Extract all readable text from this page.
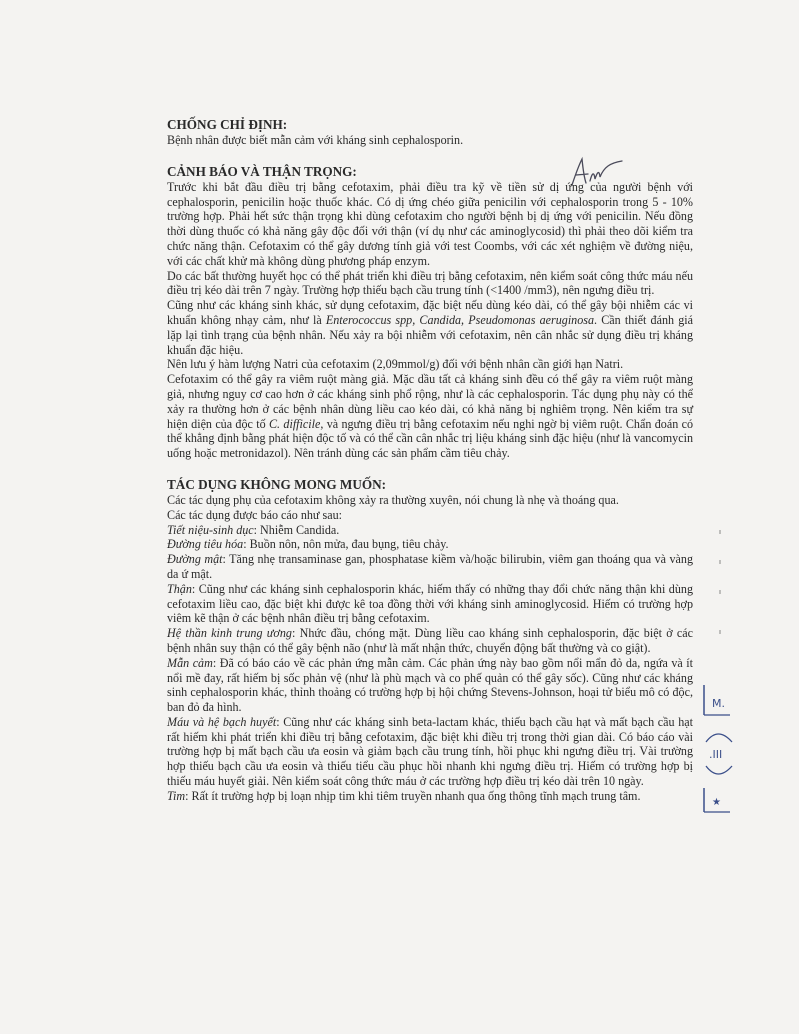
CHỐNG CHỈ ĐỊNH:

Bệnh nhân được biết mẫn cảm với kháng sinh cephalosporin.

CẢNH BÁO VÀ THẬN TRỌNG:

Trước khi bắt đầu điều trị bằng cefotaxim, phải điều tra kỹ về tiền sử dị ứng của người bệnh với cephalosporin, penicilin hoặc thuốc khác. Có dị ứng chéo giữa penicilin với cephalosporin trong 5 - 10% trường hợp. Phải hết sức thận trọng khi dùng cefotaxim cho người bệnh bị dị ứng với penicilin. Nếu đồng thời dùng thuốc có khả năng gây độc đối với thận (ví dụ như các aminoglycosid) thì phải theo dõi kiểm tra chức năng thận. Cefotaxim có thể gây dương tính giả với test Coombs, với các xét nghiệm về đường niệu, với các chất khử mà không dùng phương pháp enzym.

Do các bất thường huyết học có thể phát triển khi điều trị bằng cefotaxim, nên kiểm soát công thức máu nếu điều trị kéo dài trên 7 ngày. Trường hợp thiếu bạch cầu trung tính (<1400 /mm3), nên ngưng điều trị.

Cũng như các kháng sinh khác, sử dụng cefotaxim, đặc biệt nếu dùng kéo dài, có thể gây bội nhiễm các vi khuẩn không nhạy cảm, như là Enterococcus spp, Candida, Pseudomonas aeruginosa. Cần thiết đánh giá lặp lại tình trạng của bệnh nhân. Nếu xảy ra bội nhiễm với cefotaxim, nên cân nhắc sử dụng điều trị kháng khuẩn đặc hiệu.

Nên lưu ý hàm lượng Natri của cefotaxim (2,09mmol/g) đối với bệnh nhân cần giới hạn Natri.

Cefotaxim có thể gây ra viêm ruột màng giả. Mặc dầu tất cả kháng sinh đều có thể gây ra viêm ruột màng giả, nhưng nguy cơ cao hơn ở các kháng sinh phổ rộng, như là các cephalosporin. Tác dụng phụ này có thể xảy ra thường hơn ở các bệnh nhân dùng liều cao kéo dài, có khả năng bị nghiêm trọng. Nên kiểm tra sự hiện diện của độc tố C. difficile, và ngưng điều trị bằng cefotaxim nếu nghi ngờ bị viêm ruột. Chẩn đoán có thể khẳng định bằng phát hiện độc tố và có thể cần cân nhắc trị liệu kháng sinh đặc hiệu (như là vancomycin uống hoặc metronidazol). Nên tránh dùng các sản phẩm cầm tiêu chảy.

TÁC DỤNG KHÔNG MONG MUỐN:

Các tác dụng phụ của cefotaxim không xảy ra thường xuyên, nói chung là nhẹ và thoáng qua.

Các tác dụng được báo cáo như sau:

Tiết niệu-sinh dục: Nhiễm Candida.

Đường tiêu hóa: Buồn nôn, nôn mửa, đau bụng, tiêu chảy.

Đường mật: Tăng nhẹ transaminase gan, phosphatase kiềm và/hoặc bilirubin, viêm gan thoáng qua và vàng da ứ mật.

Thận: Cũng như các kháng sinh cephalosporin khác, hiếm thấy có những thay đổi chức năng thận khi dùng cefotaxim liều cao, đặc biệt khi được kê toa đồng thời với kháng sinh aminoglycosid. Hiếm có trường hợp viêm kẽ thận ở các bệnh nhân điều trị bằng cefotaxim.

Hệ thần kinh trung ương: Nhức đầu, chóng mặt. Dùng liều cao kháng sinh cephalosporin, đặc biệt ở các bệnh nhân suy thận có thể gây bệnh não (như là mất nhận thức, chuyển động bất thường và co giật).

Mẫn cảm: Đã có báo cáo về các phản ứng mẫn cảm. Các phản ứng này bao gồm nổi mẩn đỏ da, ngứa và ít nổi mề đay, rất hiếm bị sốc phản vệ (như là phù mạch và co phế quản có thể gây sốc). Cũng như các kháng sinh cephalosporin khác, thỉnh thoảng có trường hợp bị hội chứng Stevens-Johnson, hoại tử biểu mô có độc, ban đỏ đa hình.

Máu và hệ bạch huyết: Cũng như các kháng sinh beta-lactam khác, thiếu bạch cầu hạt và mất bạch cầu hạt rất hiếm khi phát triển khi điều trị bằng cefotaxim, đặc biệt khi điều trị trong thời gian dài. Có báo cáo vài trường hợp bị mất bạch cầu ưa eosin và giảm bạch cầu trung tính, hồi phục khi ngưng điều trị. Vài trường hợp thiếu bạch cầu ưa eosin và thiếu tiểu cầu phục hồi nhanh khi ngưng điều trị. Hiếm có trường hợp bị thiếu máu huyết giải. Nên kiểm soát công thức máu ở các trường hợp điều trị kéo dài trên 10 ngày.

Tim: Rất ít trường hợp bị loạn nhịp tim khi tiêm truyền nhanh qua ống thông tĩnh mạch trung tâm.

M.
.III
★
